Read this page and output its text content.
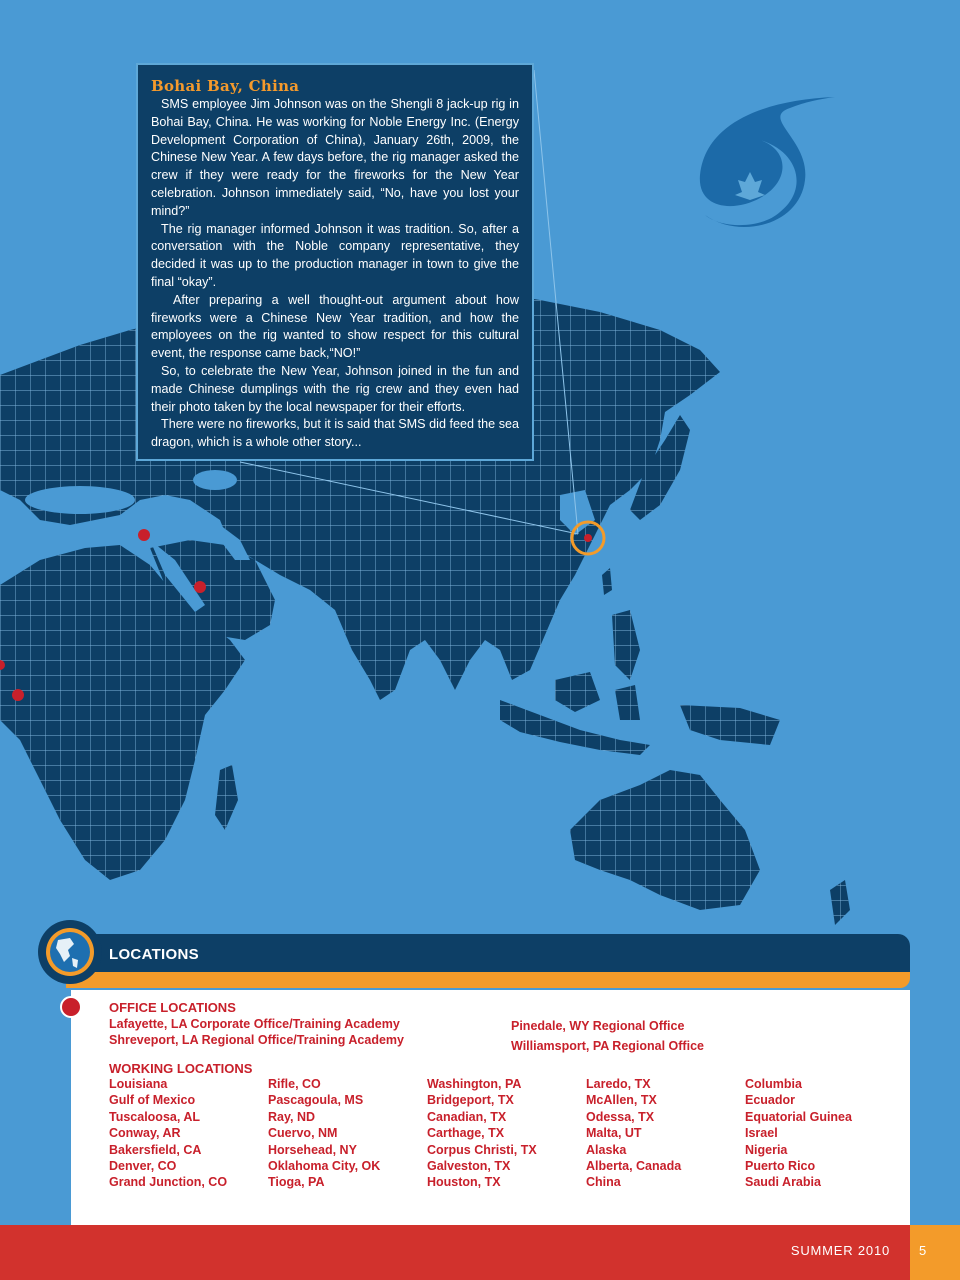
Bohai Bay, China

SMS employee Jim Johnson was on the Shengli 8 jack-up rig in Bohai Bay, China. He was working for Noble Energy Inc. (Energy Development Corporation of China), January 26th, 2009, the Chinese New Year. A few days before, the rig manager asked the crew if they were ready for the fireworks for the New Year celebration. Johnson immediately said, “No, have you lost your mind?”

The rig manager informed Johnson it was tradition. So, after a conversation with the Noble company representative, they decided it was up to the production manager in town to give the final “okay”.

After preparing a well thought-out argument about how fireworks were a Chinese New Year tradition, and how the employees on the rig wanted to show respect for this cultural event, the response came back,“NO!”

So, to celebrate the New Year, Johnson joined in the fun and made Chinese dumplings with the rig crew and they even had their photo taken by the local newspaper for their efforts.

There were no fireworks, but it is said that SMS did feed the sea dragon, which is a whole other story...

LOCATIONS
OFFICE LOCATIONS
Lafayette, LA Corporate Office/Training Academy
Shreveport, LA Regional Office/Training Academy
Pinedale, WY Regional Office
Williamsport, PA Regional Office
WORKING LOCATIONS
Louisiana
Gulf of Mexico
Tuscaloosa, AL
Conway, AR
Bakersfield, CA
Denver, CO
Grand Junction, CO
Rifle, CO
Pascagoula, MS
Ray, ND
Cuervo, NM
Horsehead, NY
Oklahoma City, OK
Tioga, PA
Washington, PA
Bridgeport, TX
Canadian, TX
Carthage, TX
Corpus Christi, TX
Galveston, TX
Houston, TX
Laredo, TX
McAllen, TX
Odessa, TX
Malta, UT
Alaska
Alberta, Canada
China
Columbia
Ecuador
Equatorial Guinea
Israel
Nigeria
Puerto Rico
Saudi Arabia
SUMMER 2010 5
